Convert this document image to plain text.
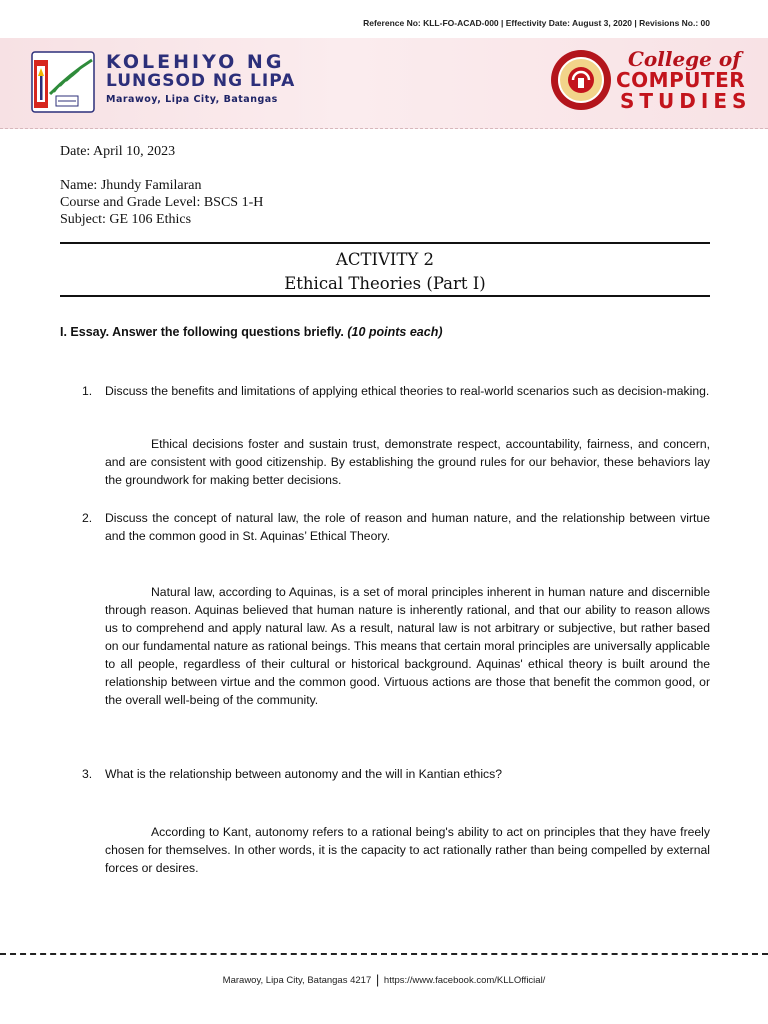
Reference No: KLL-FO-ACAD-000 | Effectivity Date: August 3, 2020 | Revisions No.: 00
KOLEHIYO NG
LUNGSOD NG LIPA
Marawoy, Lipa City, Batangas
College of
COMPUTER
STUDIES
Date: April 10, 2023
Name: Jhundy Familaran
Course and Grade Level: BSCS 1-H
Subject: GE 106 Ethics
ACTIVITY 2
Ethical Theories (Part I)
I. Essay. Answer the following questions briefly. (10 points each)
1. Discuss the benefits and limitations of applying ethical theories to real-world scenarios such as decision-making.
Ethical decisions foster and sustain trust, demonstrate respect, accountability, fairness, and concern, and are consistent with good citizenship. By establishing the ground rules for our behavior, these behaviors lay the groundwork for making better decisions.
2. Discuss the concept of natural law, the role of reason and human nature, and the relationship between virtue and the common good in St. Aquinas’ Ethical Theory.
Natural law, according to Aquinas, is a set of moral principles inherent in human nature and discernible through reason. Aquinas believed that human nature is inherently rational, and that our ability to reason allows us to comprehend and apply natural law. As a result, natural law is not arbitrary or subjective, but rather based on our fundamental nature as rational beings. This means that certain moral principles are universally applicable to all people, regardless of their cultural or historical background. Aquinas' ethical theory is built around the relationship between virtue and the common good. Virtuous actions are those that benefit the common good, or the overall well-being of the community.
3. What is the relationship between autonomy and the will in Kantian ethics?
According to Kant, autonomy refers to a rational being's ability to act on principles that they have freely chosen for themselves. In other words, it is the capacity to act rationally rather than being compelled by external forces or desires.
Marawoy, Lipa City, Batangas 4217 | https://www.facebook.com/KLLOfficial/
